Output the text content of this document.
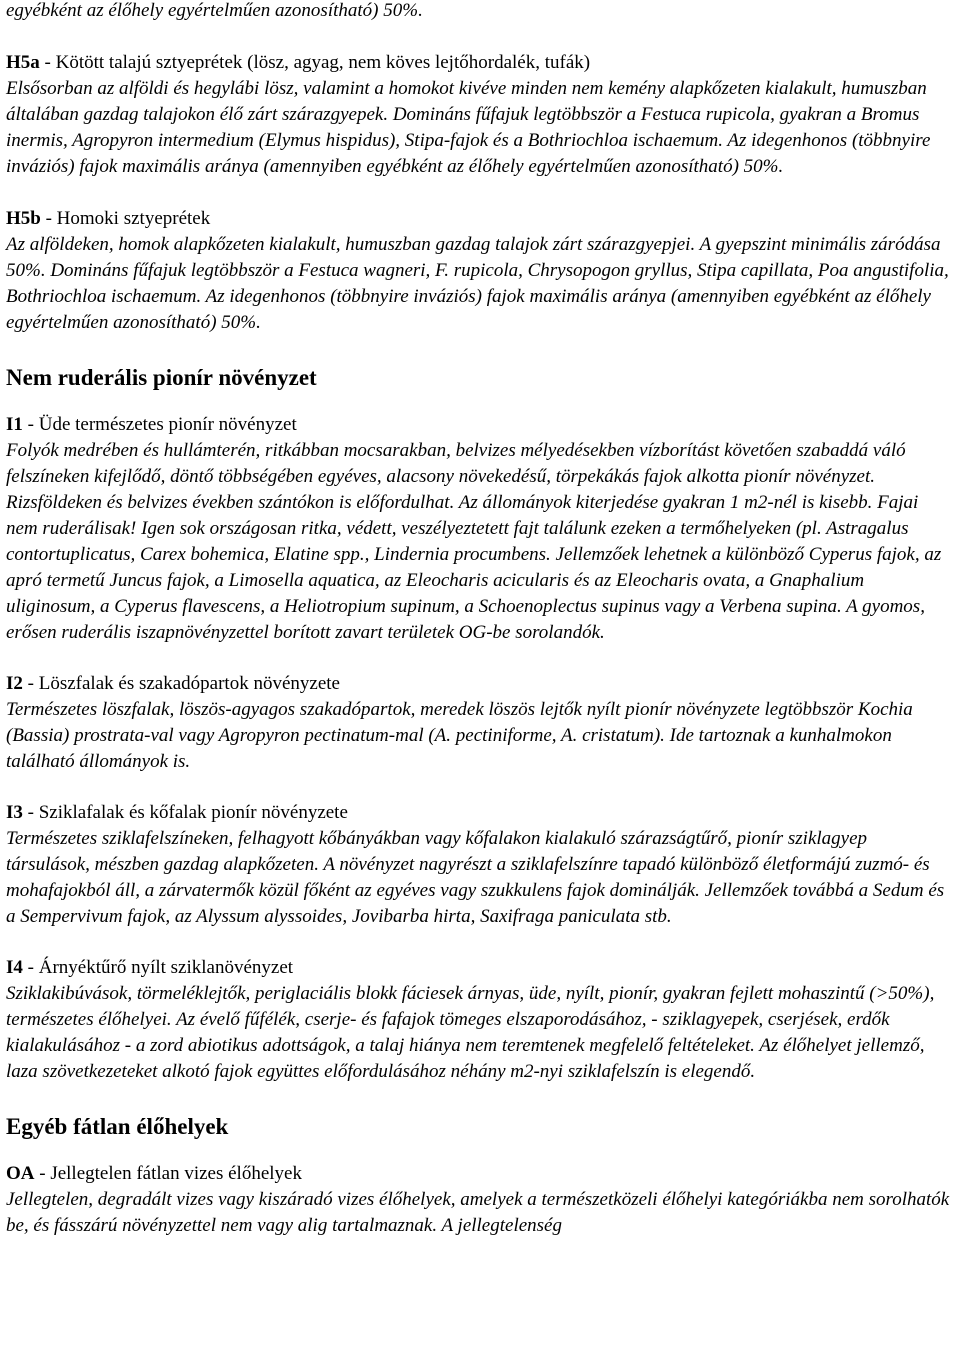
egyébként az élőhely egyértelműen azonosítható) 50%.

H5a - Kötött talajú sztyeprétek (lösz, agyag, nem köves lejtőhordalék, tufák)

Elsősorban az alföldi és hegylábi lösz, valamint a homokot kivéve minden nem kemény alapkőzeten kialakult, humuszban általában gazdag talajokon élő zárt szárazgyepek. Domináns fűfajuk legtöbbször a Festuca rupicola, gyakran a Bromus inermis, Agropyron intermedium (Elymus hispidus), Stipa-fajok és a Bothriochloa ischaemum. Az idegenhonos (többnyire inváziós) fajok maximális aránya (amennyiben egyébként az élőhely egyértelműen azonosítható) 50%.

H5b - Homoki sztyeprétek

Az alföldeken, homok alapkőzeten kialakult, humuszban gazdag talajok zárt szárazgyepjei. A gyepszint minimális záródása 50%. Domináns fűfajuk legtöbbször a Festuca wagneri, F. rupicola, Chrysopogon gryllus, Stipa capillata, Poa angustifolia, Bothriochloa ischaemum. Az idegenhonos (többnyire inváziós) fajok maximális aránya (amennyiben egyébként az élőhely egyértelműen azonosítható) 50%.

Nem ruderális pionír növényzet

I1 - Üde természetes pionír növényzet

Folyók medrében és hullámterén, ritkábban mocsarakban, belvizes mélyedésekben vízborítást követően szabaddá váló felszíneken kifejlődő, döntő többségében egyéves, alacsony növekedésű, törpekákás fajok alkotta pionír növényzet. Rizsföldeken és belvizes években szántókon is előfordulhat. Az állományok kiterjedése gyakran 1 m2-nél is kisebb. Fajai nem ruderálisak! Igen sok országosan ritka, védett, veszélyeztetett fajt találunk ezeken a termőhelyeken (pl. Astragalus contortuplicatus, Carex bohemica, Elatine spp., Lindernia procumbens. Jellemzőek lehetnek a különböző Cyperus fajok, az apró termetű Juncus fajok, a Limosella aquatica, az Eleocharis acicularis és az Eleocharis ovata, a Gnaphalium uliginosum, a Cyperus flavescens, a Heliotropium supinum, a Schoenoplectus supinus vagy a Verbena supina. A gyomos, erősen ruderális iszapnövényzettel borított zavart területek OG-be sorolandók.

I2 - Löszfalak és szakadópartok növényzete

Természetes löszfalak, löszös-agyagos szakadópartok, meredek löszös lejtők nyílt pionír növényzete legtöbbször Kochia (Bassia) prostrata-val vagy Agropyron pectinatum-mal (A. pectiniforme, A. cristatum). Ide tartoznak a kunhalmokon található állományok is.

I3 - Sziklafalak és kőfalak pionír növényzete

Természetes sziklafelszíneken, felhagyott kőbányákban vagy kőfalakon kialakuló szárazságtűrő, pionír sziklagyep társulások, mészben gazdag alapkőzeten. A növényzet nagyrészt a sziklafelszínre tapadó különböző életformájú zuzmó- és mohafajokból áll, a zárvatermők közül főként az egyéves vagy szukkulens fajok dominálják. Jellemzőek továbbá a Sedum és a Sempervivum fajok, az Alyssum alyssoides, Jovibarba hirta, Saxifraga paniculata stb.

I4 - Árnyéktűrő nyílt sziklanövényzet

Sziklakibúvások, törmeléklejtők, periglaciális blokk fáciesek árnyas, üde, nyílt, pionír, gyakran fejlett mohaszintű (>50%), természetes élőhelyei. Az évelő fűfélék, cserje- és fafajok tömeges elszaporodásához, - sziklagyepek, cserjések, erdők kialakulásához - a zord abiotikus adottságok, a talaj hiánya nem teremtenek megfelelő feltételeket. Az élőhelyet jellemző, laza szövetkezeteket alkotó fajok együttes előfordulásához néhány m2-nyi sziklafelszín is elegendő.

Egyéb fátlan élőhelyek

OA - Jellegtelen fátlan vizes élőhelyek

Jellegtelen, degradált vizes vagy kiszáradó vizes élőhelyek, amelyek a természetközeli élőhelyi kategóriákba nem sorolhatók be, és fásszárú növényzettel nem vagy alig tartalmaznak. A jellegtelenség
